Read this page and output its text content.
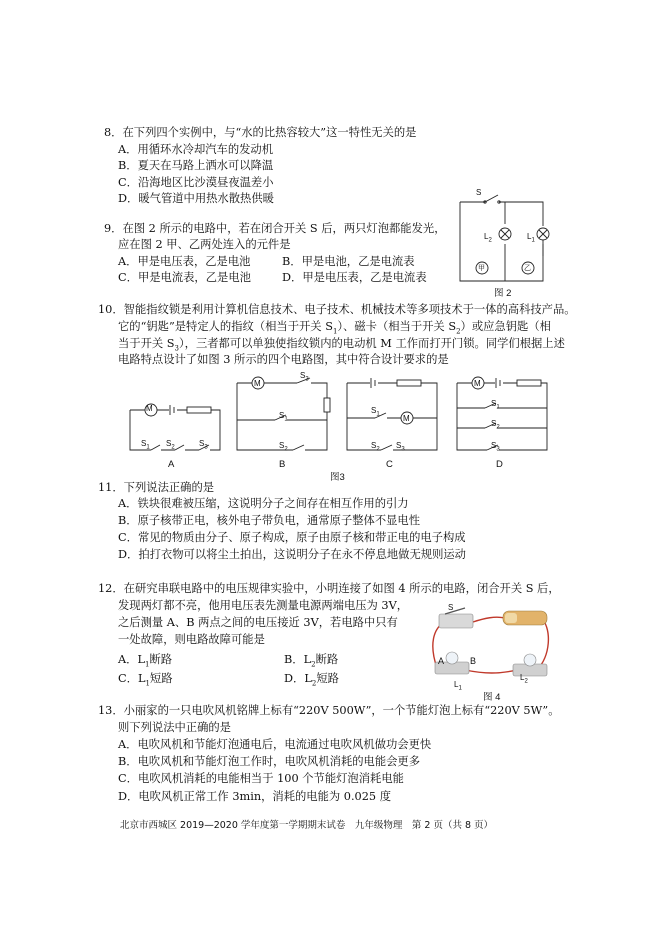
8．在下列四个实例中，与“水的比热容较大”这一特性无关的是
A．用循环水冷却汽车的发动机
B．夏天在马路上洒水可以降温
C．沿海地区比沙漠昼夜温差小
D．暖气管道中用热水散热供暖
9．在图 2 所示的电路中，若在闭合开关 S 后，两只灯泡都能发光，
应在图 2 甲、乙两处连入的元件是
A．甲是电压表，乙是电池	B．甲是电池，乙是电流表
C．甲是电流表，乙是电池	D．甲是电压表，乙是电流表
S
$L_2$	$L_1$
甲	乙
图 2
10．智能指纹锁是利用计算机信息技术、电子技术、机械技术等多项技术于一体的高科技产品。
它的“钥匙”是特定人的指纹（相当于开关 $S_1$）、磁卡（相当于开关 $S_2$）或应急钥匙（相
当于开关 $S_3$），三者都可以单独使指纹锁内的电动机 M 工作而打开门锁。同学们根据上述
电路特点设计了如图 3 所示的四个电路图，其中符合设计要求的是
M
M
M
M
$S_1$ $S_2$	$S_3$
$S_3$
$S_1$
$S_2$
$S_1$
$S_2$ $S_3$
$S_1$
$S_2$
$S_3$
A	B	C	D
图3
11．下列说法正确的是
A．铁块很难被压缩，这说明分子之间存在相互作用的引力
B．原子核带正电，核外电子带负电，通常原子整体不显电性
C．常见的物质由分子、原子构成，原子由原子核和带正电的电子构成
D．拍打衣物可以将尘土拍出，这说明分子在永不停息地做无规则运动
12．在研究串联电路中的电压规律实验中，小明连接了如图 4 所示的电路，闭合开关 S 后，
发现两灯都不亮，他用电压表先测量电源两端电压为 3V，
之后测量 A、B 两点之间的电压接近 3V，若电路中只有
一处故障，则电路故障可能是
A．$L_1$断路	B．$L_2$断路
C．$L_1$短路	D．$L_2$短路
S
A	B
$L_1$
$L_2$
图 4
13．小丽家的一只电吹风机铭牌上标有“220V 500W”，一个节能灯泡上标有“220V 5W”。
则下列说法中正确的是
A．电吹风机和节能灯泡通电后，电流通过电吹风机做功会更快
B．电吹风机和节能灯泡工作时，电吹风机消耗的电能会更多
C．电吹风机消耗的电能相当于 100 个节能灯泡消耗电能
D．电吹风机正常工作 3min，消耗的电能为 0.025 度
北京市西城区 2019—2020 学年度第一学期期末试卷　九年级物理　第 2 页（共 8 页）
